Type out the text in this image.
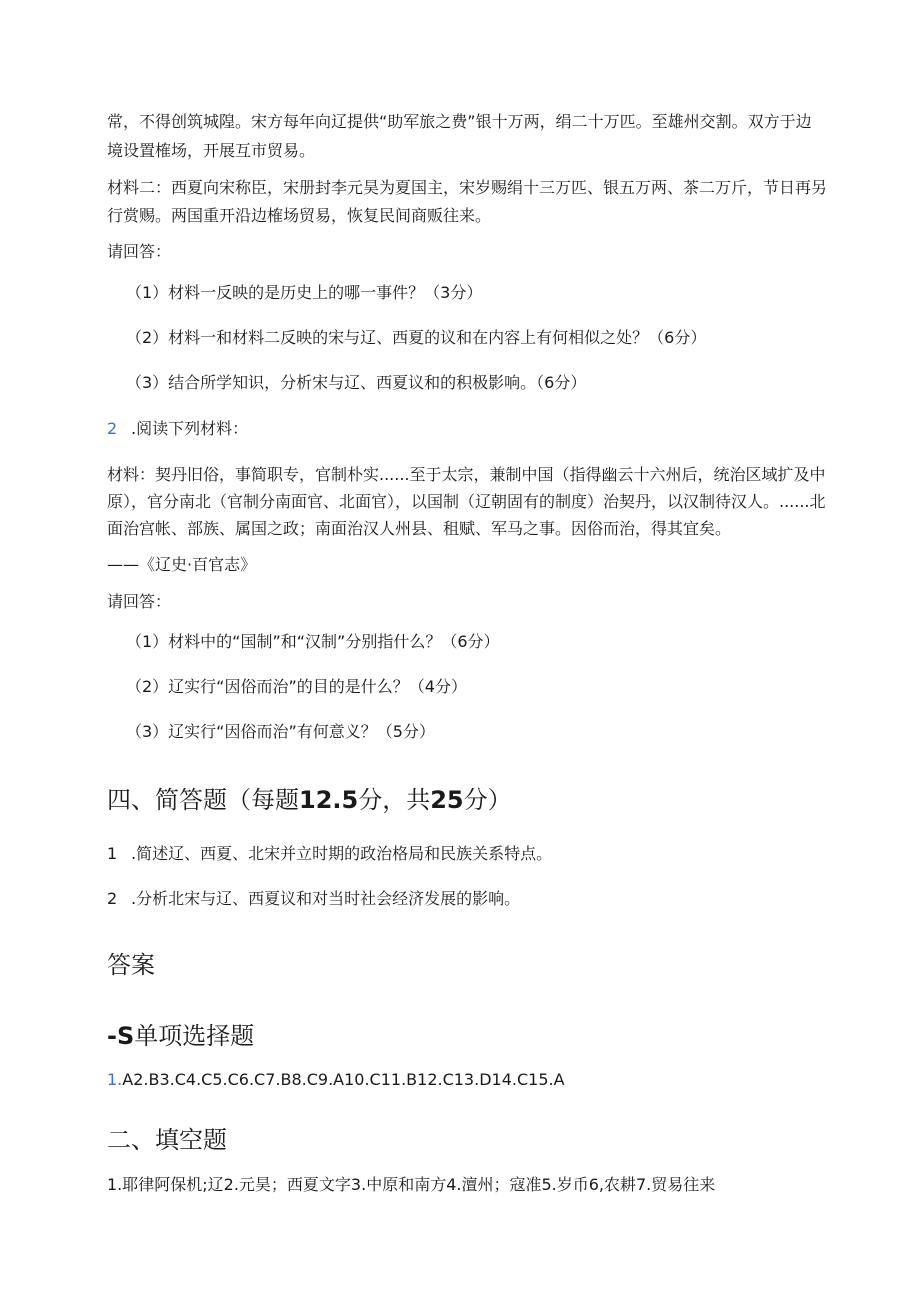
常，不得创筑城隍。宋方每年向辽提供“助军旅之费”银十万两，绢二十万匹。至雄州交割。双方于边
境设置榷场，开展互市贸易。
材料二：西夏向宋称臣，宋册封李元昊为夏国主，宋岁赐绢十三万匹、银五万两、茶二万斤，节日再另
行赏赐。两国重开沿边榷场贸易，恢复民间商贩往来。
请回答：
（1）材料一反映的是历史上的哪一事件？（3分）
（2）材料一和材料二反映的宋与辽、西夏的议和在内容上有何相似之处？（6分）
（3）结合所学知识，分析宋与辽、西夏议和的积极影响。（6分）
2 .阅读下列材料：
材料：契丹旧俗，事简职专，官制朴实......至于太宗，兼制中国（指得幽云十六州后，统治区域扩及中
原），官分南北（官制分南面官、北面官），以国制（辽朝固有的制度）治契丹，以汉制待汉人。......北
面治宫帐、部族、属国之政；南面治汉人州县、租赋、军马之事。因俗而治，得其宜矣。
——《辽史·百官志》
请回答：
（1）材料中的“国制”和“汉制”分别指什么？（6分）
（2）辽实行“因俗而治”的目的是什么？（4分）
（3）辽实行“因俗而治”有何意义？（5分）
四、简答题（每题12.5分，共25分）
1 .简述辽、西夏、北宋并立时期的政治格局和民族关系特点。
2 .分析北宋与辽、西夏议和对当时社会经济发展的影响。
答案
-S单项选择题
1.A2.B3.C4.C5.C6.C7.B8.C9.A10.C11.B12.C13.D14.C15.A
二、填空题
1.耶律阿保机;辽2.元昊；西夏文字3.中原和南方4.澶州；寇准5.岁币6,农耕7.贸易往来
